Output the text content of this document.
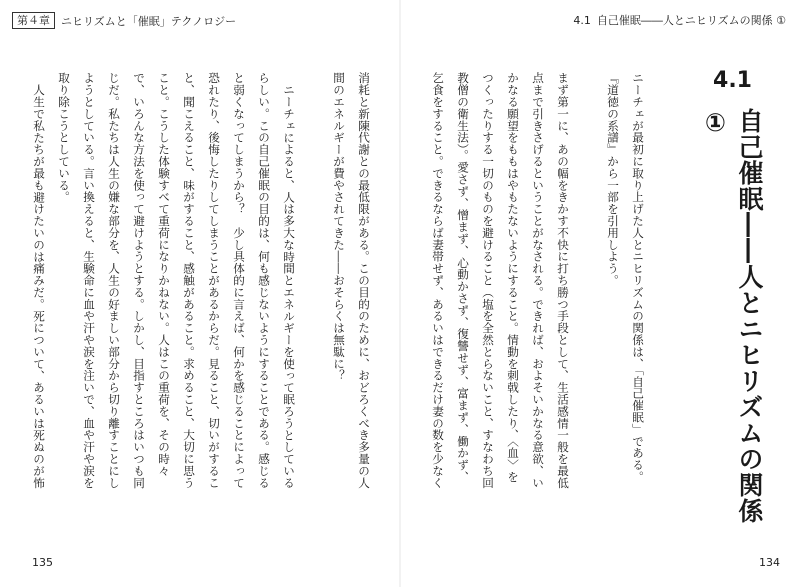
第４章	ニヒリズムと「催眠」テクノロジー	4.1 自己催眠――人とニヒリズムの関係 ①

消耗と新陳代謝との最低限がある。この目的のために、おどろくべき多量の人間のエネルギーが費やされてきた――おそらくは無駄に？

ニーチェによると、人は多大な時間とエネルギーを使って眠ろうとしているらしい。この自己催眠の目的は、何も感じないようにすることである。感じると弱くなってしまうから？　少し具体的に言えば、何かを感じることによって恐れたり、後悔したりしてしまうことがあるからだ。見ること、切いがすること、聞こえること、味がすること、感触があること。求めること、大切に思うこと。こうした体験すべて重荷になりかねない。人はこの重荷を、その時々で、いろんな方法を使って避けようとする。しかし、目指すところはいつも同じだ。私たちは人生の嫌な部分を、人生の好ましい部分から切り離すことにしようとしている。言い換えると、生験命に血や汗や涙を注いで、血や汗や涙を取り除こうとしている。

人生で私たちが最も避けたいのは痛みだ。死について、あるいは死ぬのが怖	ニーチェが最初に取り上げた人とニヒリズムの関係は、「自己催眠」である。『道徳の系譜』から一部を引用しよう。

まず第一に、あの幅をきかす不快に打ち勝つ手段として、生活感情一般を最低点まで引きさげるということがなされる。できれば、およそいかなる意欲、いかなる願望をももはやもたないようにすること。情動を刺戟したり、〈血〉をつくったりする一切のものを避けること（塩を全然とらないこと、すなわち回教僧の衛生法）。愛さず、憎まず、心動かさず、復讐せず、富まず、働かず、乞食をすること。できるならば妻帯せず、あるいはできるだけ妻の数を少なく

4.1
自己催眠――人とニヒリズムの関係 ①
135	134
